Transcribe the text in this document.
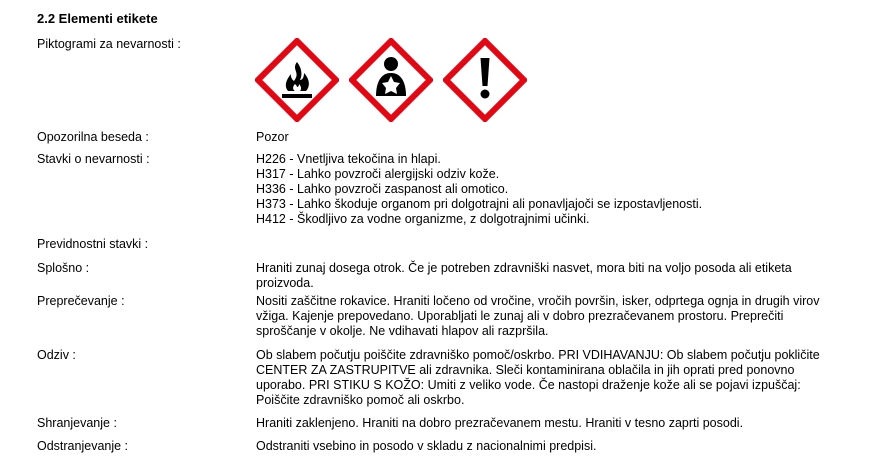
2.2 Elementi etikete
Piktogrami za nevarnosti :
Opozorilna beseda :	Pozor
Stavki o nevarnosti :	H226 - Vnetljiva tekočina in hlapi.
H317 - Lahko povzroči alergijski odziv kože.
H336 - Lahko povzroči zaspanost ali omotico.
H373 - Lahko škoduje organom pri dolgotrajni ali ponavljajoči se izpostavljenosti.
H412 - Škodljivo za vodne organizme, z dolgotrajnimi učinki.
Previdnostni stavki :
Splošno :	Hraniti zunaj dosega otrok. Če je potreben zdravniški nasvet, mora biti na voljo posoda ali etiketa
proizvoda.
Preprečevanje :	Nositi zaščitne rokavice. Hraniti ločeno od vročine, vročih površin, isker, odprtega ognja in drugih virov
vžiga. Kajenje prepovedano. Uporabljati le zunaj ali v dobro prezračevanem prostoru. Preprečiti
sproščanje v okolje. Ne vdihavati hlapov ali razpršila.
Odziv :	Ob slabem počutju poiščite zdravniško pomoč/oskrbo. PRI VDIHAVANJU: Ob slabem počutju pokličite
CENTER ZA ZASTRUPITVE ali zdravnika. Sleči kontaminirana oblačila in jih oprati pred ponovno
uporabo. PRI STIKU S KOŽO: Umiti z veliko vode. Če nastopi draženje kože ali se pojavi izpuščaj:
Poiščite zdravniško pomoč ali oskrbo.
Shranjevanje :	Hraniti zaklenjeno. Hraniti na dobro prezračevanem mestu. Hraniti v tesno zaprti posodi.
Odstranjevanje :	Odstraniti vsebino in posodo v skladu z nacionalnimi predpisi.
